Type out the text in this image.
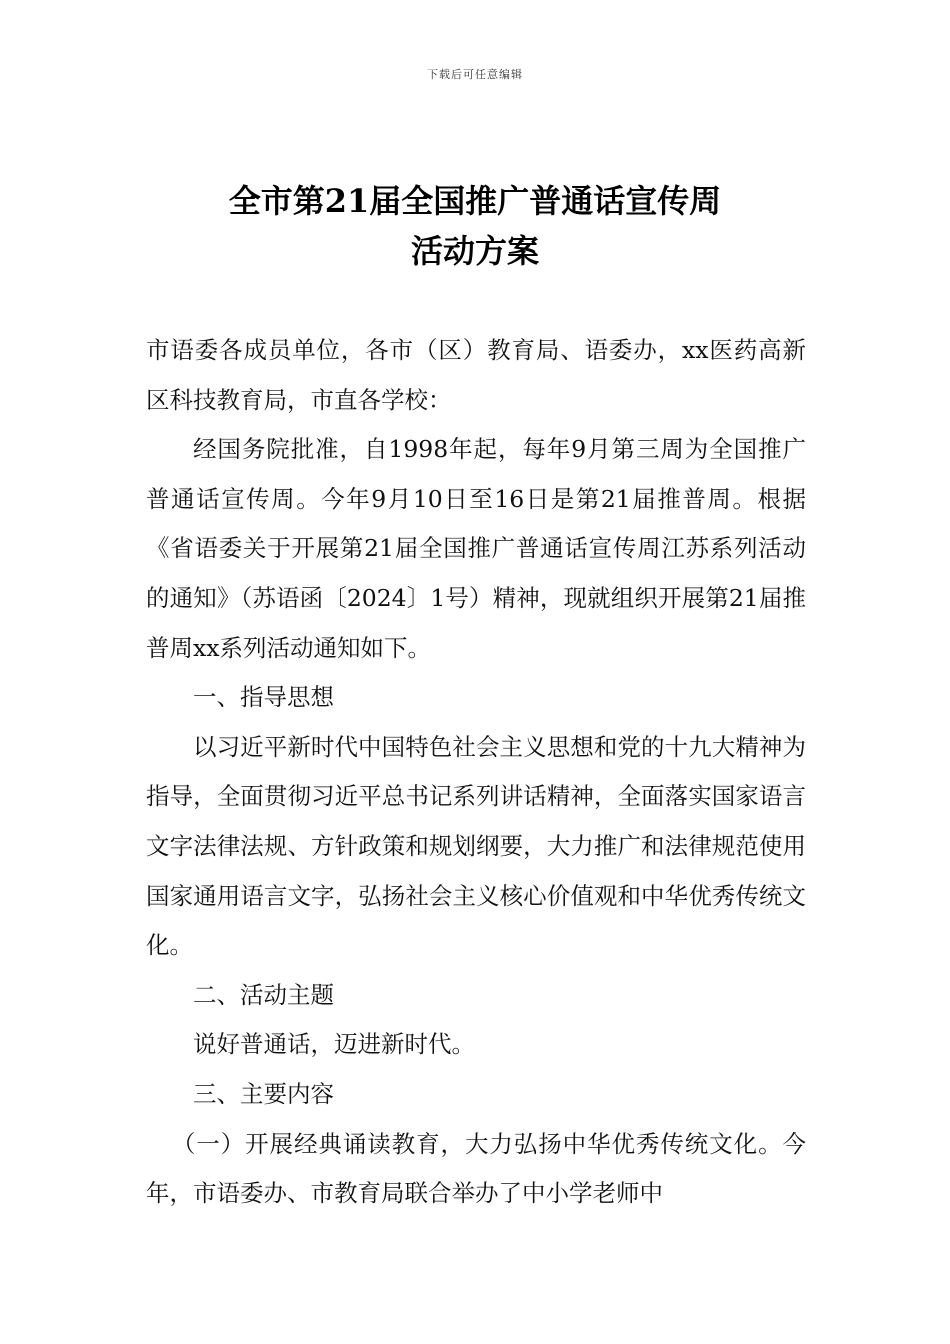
下载后可任意编辑
全市第21届全国推广普通话宣传周
活动方案

市语委各成员单位，各市（区）教育局、语委办，xx医药高新区科技教育局，市直各学校：

经国务院批准，自1998年起，每年9月第三周为全国推广普通话宣传周。今年9月10日至16日是第21届推普周。根据《省语委关于开展第21届全国推广普通话宣传周江苏系列活动的通知》（苏语函〔2024〕1号）精神，现就组织开展第21届推普周xx系列活动通知如下。

一、指导思想

以习近平新时代中国特色社会主义思想和党的十九大精神为指导，全面贯彻习近平总书记系列讲话精神，全面落实国家语言文字法律法规、方针政策和规划纲要，大力推广和法律规范使用国家通用语言文字，弘扬社会主义核心价值观和中华优秀传统文化。

二、活动主题

说好普通话，迈进新时代。

三、主要内容

（一）开展经典诵读教育，大力弘扬中华优秀传统文化。今年，市语委办、市教育局联合举办了中小学老师中
